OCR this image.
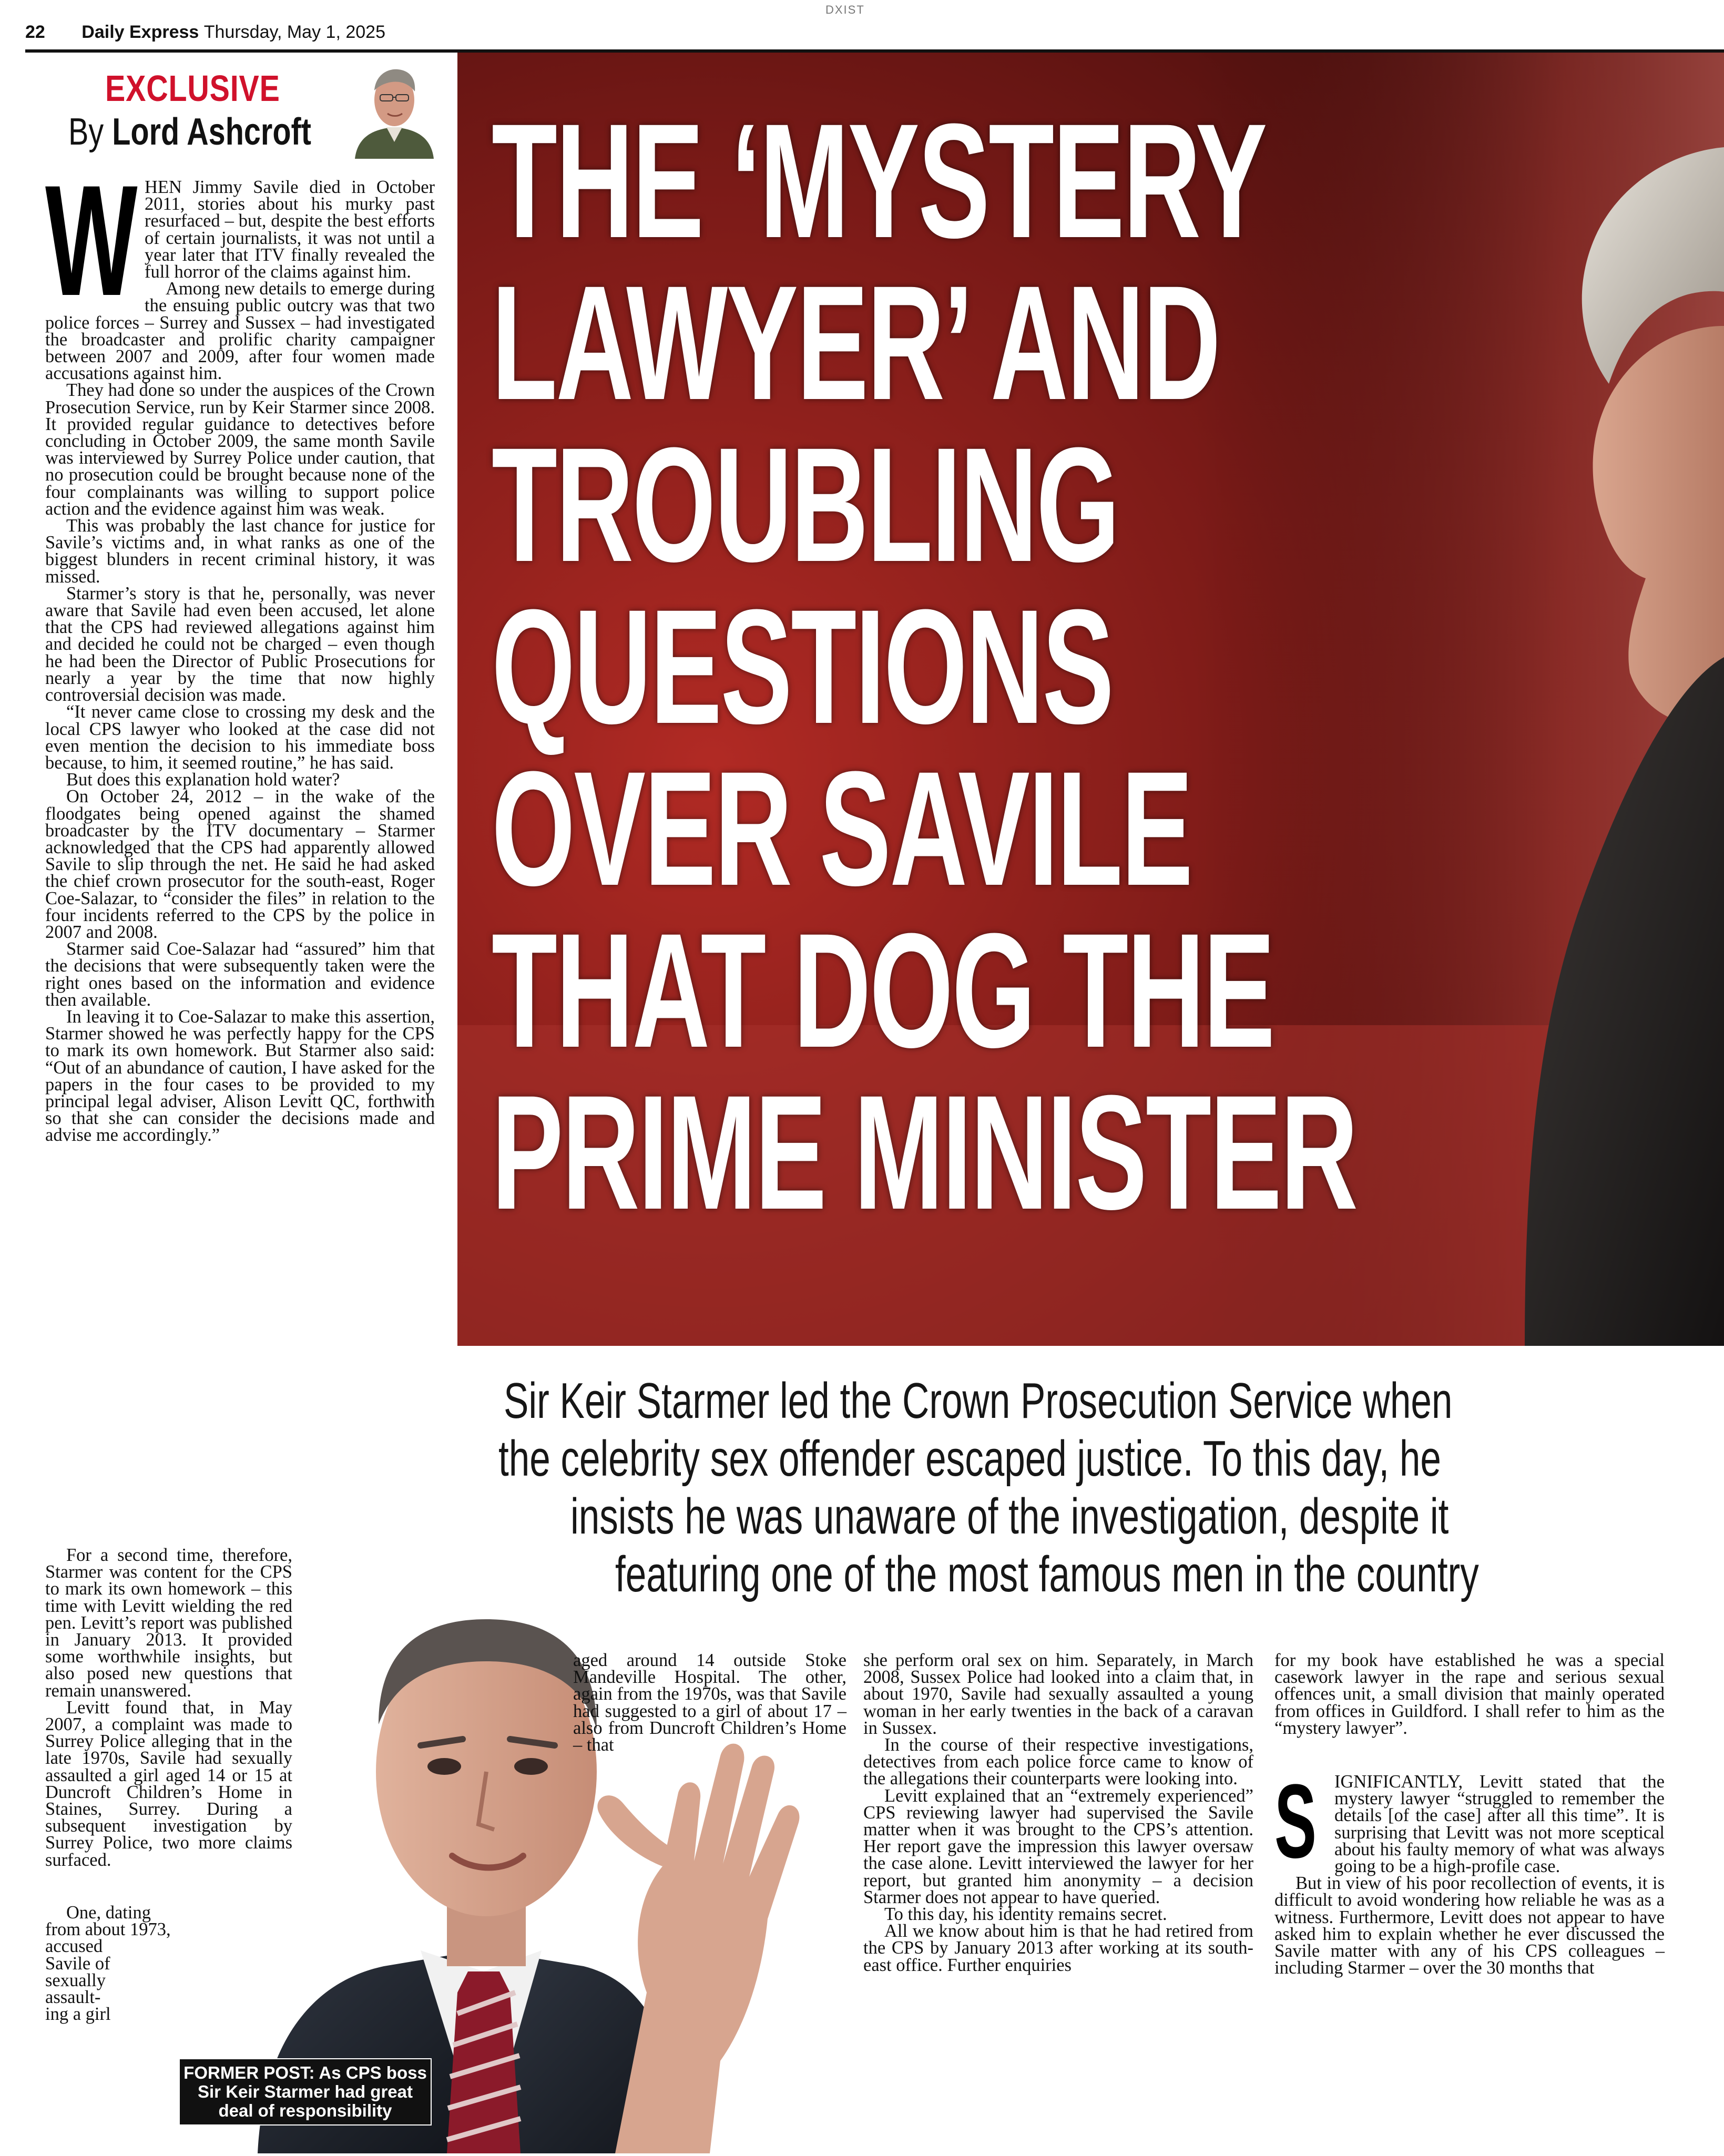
DXIST
22 Daily Express Thursday, May 1, 2025
THE ‘MYSTERY
LAWYER’ AND
TROUBLING
QUESTIONS
OVER SAVILE
THAT DOG THE
PRIME MINISTER
EXCLUSIVE
By Lord Ashcroft
W HEN Jimmy Savile died in October 2011, stories about his murky past resurfaced – but, despite the best efforts of certain journalists, it was not until a year later that ITV finally revealed the full horror of the claims against him.

Among new details to emerge during the ensuing public outcry was that two police forces – Surrey and Sussex – had investigated the broadcaster and prolific charity campaigner between 2007 and 2009, after four women made accusations against him.

They had done so under the auspices of the Crown Prosecution Service, run by Keir Starmer since 2008. It provided regular guidance to detectives before concluding in October 2009, the same month Savile was interviewed by Surrey Police under caution, that no prosecution could be brought because none of the four complainants was willing to support police action and the evidence against him was weak.

This was probably the last chance for justice for Savile’s victims and, in what ranks as one of the biggest blunders in recent criminal history, it was missed.

Starmer’s story is that he, personally, was never aware that Savile had even been accused, let alone that the CPS had reviewed allegations against him and decided he could not be charged – even though he had been the Director of Public Prosecutions for nearly a year by the time that now highly controversial decision was made.

“It never came close to crossing my desk and the local CPS lawyer who looked at the case did not even mention the decision to his immediate boss because, to him, it seemed routine,” he has said.

But does this explanation hold water?

On October 24, 2012 – in the wake of the floodgates being opened against the shamed broadcaster by the ITV documentary – Starmer acknowledged that the CPS had apparently allowed Savile to slip through the net. He said he had asked the chief crown prosecutor for the south-east, Roger Coe-Salazar, to “consider the files” in relation to the four incidents referred to the CPS by the police in 2007 and 2008.

Starmer said Coe-Salazar had “assured” him that the decisions that were subsequently taken were the right ones based on the information and evidence then available.

In leaving it to Coe-Salazar to make this assertion, Starmer showed he was perfectly happy for the CPS to mark its own homework. But Starmer also said: “Out of an abundance of caution, I have asked for the papers in the four cases to be provided to my principal legal adviser, Alison Levitt QC, forthwith so that she can consider the decisions made and advise me accordingly.”

For a second time, therefore, Starmer was content for the CPS to mark its own homework – this time with Levitt wielding the red pen. Levitt’s report was published in January 2013. It provided some worthwhile insights, but also posed new questions that remain unanswered.

Levitt found that, in May 2007, a complaint was made to Surrey Police alleging that in the late 1970s, Savile had sexually assaulted a girl aged 14 or 15 at Duncroft Children’s Home in Staines, Surrey. During a subsequent investigation by Surrey Police, two more claims surfaced.

One, dating from about 1973,

accused

Savile of

sexually

assault-

ing a girl

Sir Keir Starmer led the Crown Prosecution Service when
the celebrity sex offender escaped justice. To this day, he
insists he was unaware of the investigation, despite it
featuring one of the most famous men in the country
FORMER POST: As CPS boss Sir Keir Starmer had great deal of responsibility

aged around 14 outside Stoke Mandeville Hospital. The other, again from the 1970s, was that Savile had suggested to a girl of about 17 – also from Duncroft Children’s Home – that

she perform oral sex on him. Separately, in March 2008, Sussex Police had looked into a claim that, in about 1970, Savile had sexually assaulted a young woman in her early twenties in the back of a caravan in Sussex.

In the course of their respective investigations, detectives from each police force came to know of the allegations their counterparts were looking into.

Levitt explained that an “extremely experienced” CPS reviewing lawyer had supervised the Savile matter when it was brought to the CPS’s attention. Her report gave the impression this lawyer oversaw the case alone. Levitt interviewed the lawyer for her report, but granted him anonymity – a decision Starmer does not appear to have queried.

To this day, his identity remains secret.

All we know about him is that he had retired from the CPS by January 2013 after working at its south-east office. Further enquiries

for my book have established he was a special casework lawyer in the rape and serious sexual offences unit, a small division that mainly operated from offices in Guildford. I shall refer to him as the “mystery lawyer”.

S IGNIFICANTLY, Levitt stated that the mystery lawyer “struggled to remember the details [of the case] after all this time”. It is surprising that Levitt was not more sceptical about his faulty memory of what was always going to be a high-profile case.

But in view of his poor recollection of events, it is difficult to avoid wondering how reliable he was as a witness. Furthermore, Levitt does not appear to have asked him to explain whether he ever discussed the Savile matter with any of his CPS colleagues – including Starmer – over the 30 months that
